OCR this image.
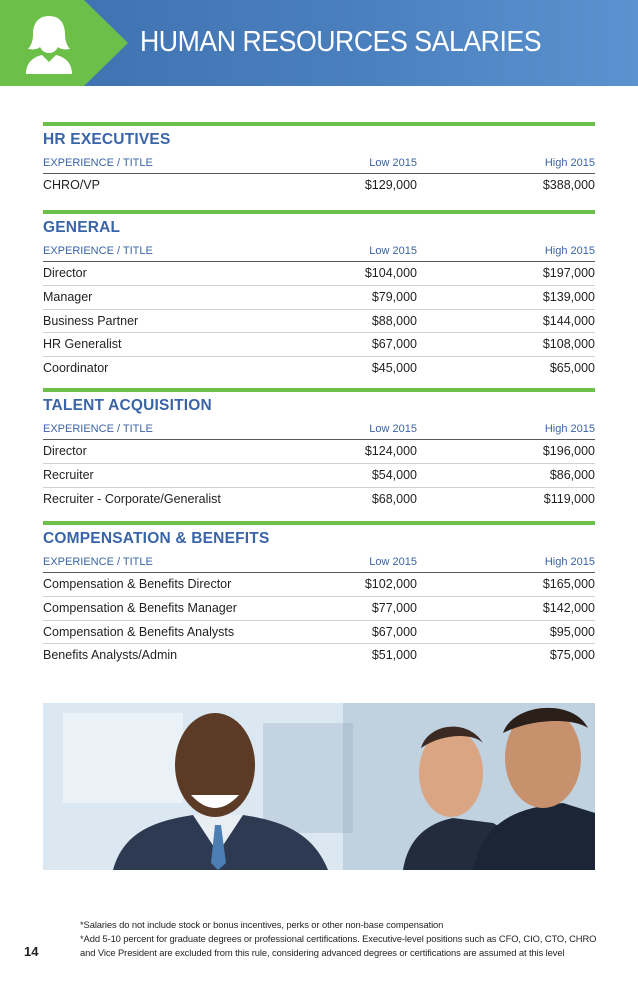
HUMAN RESOURCES SALARIES
HR EXECUTIVES
EXPERIENCE / TITLE	Low 2015	High 2015
CHRO/VP	$129,000	$388,000
GENERAL
EXPERIENCE / TITLE	Low 2015	High 2015
Director	$104,000	$197,000
Manager	$79,000	$139,000
Business Partner	$88,000	$144,000
HR Generalist	$67,000	$108,000
Coordinator	$45,000	$65,000
TALENT ACQUISITION
EXPERIENCE / TITLE	Low 2015	High 2015
Director	$124,000	$196,000
Recruiter	$54,000	$86,000
Recruiter - Corporate/Generalist	$68,000	$119,000
COMPENSATION & BENEFITS
EXPERIENCE / TITLE	Low 2015	High 2015
Compensation & Benefits Director	$102,000	$165,000
Compensation & Benefits Manager	$77,000	$142,000
Compensation & Benefits Analysts	$67,000	$95,000
Benefits Analysts/Admin	$51,000	$75,000
*Salaries do not include stock or bonus incentives, perks or other non-base compensation
*Add 5-10 percent for graduate degrees or professional certifications. Executive-level positions such as CFO, CIO, CTO, CHRO
and Vice President are excluded from this rule, considering advanced degrees or certifications are assumed at this level
14
